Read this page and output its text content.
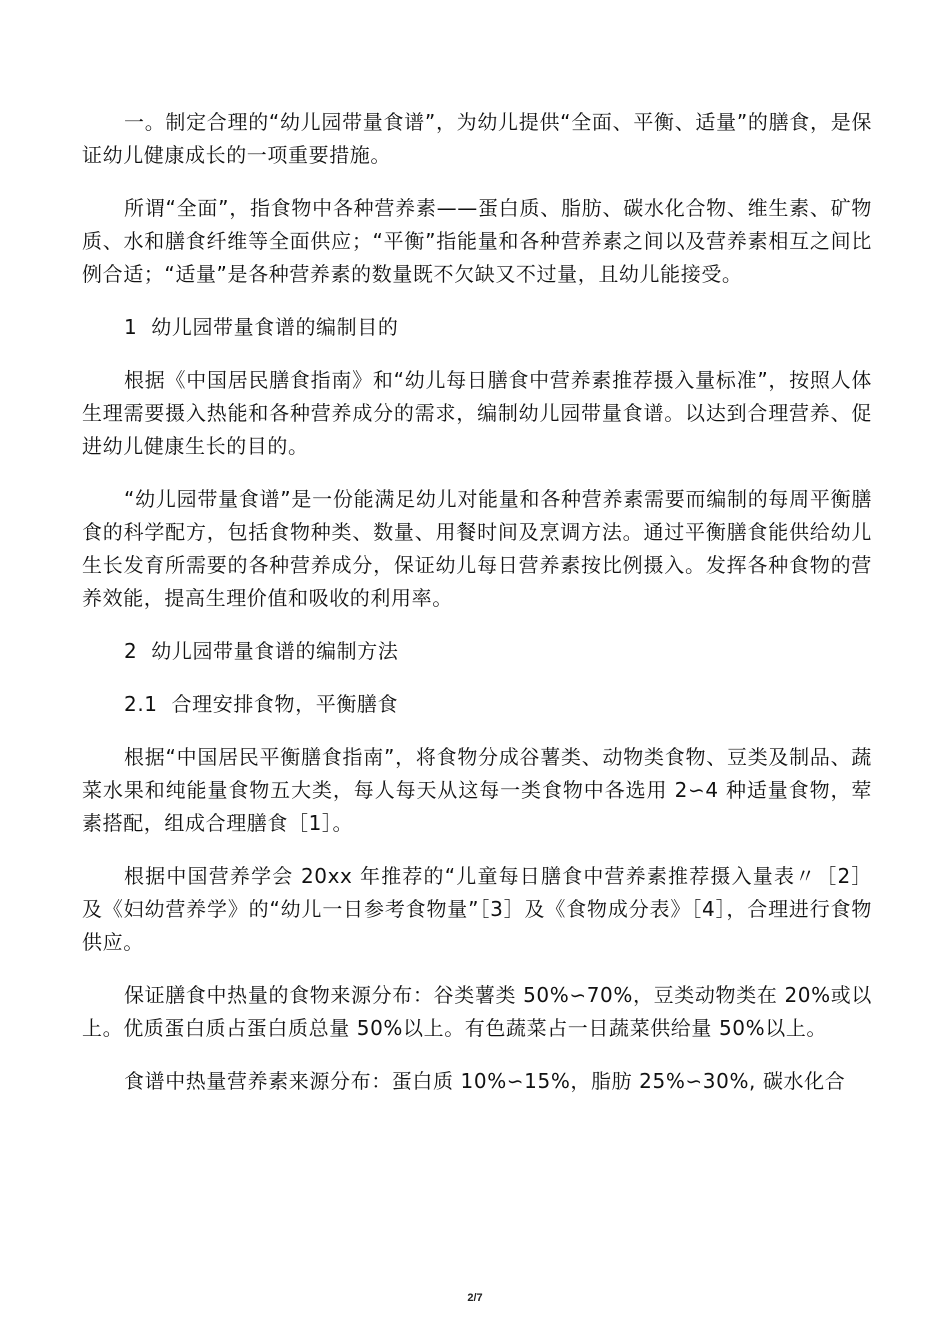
一。制定合理的“幼儿园带量食谱”，为幼儿提供“全面、平衡、适量”的膳食，是保证幼儿健康成长的一项重要措施。

所谓“全面”，指食物中各种营养素——蛋白质、脂肪、碳水化合物、维生素、矿物质、水和膳食纤维等全面供应；“平衡”指能量和各种营养素之间以及营养素相互之间比例合适；“适量”是各种营养素的数量既不欠缺又不过量，且幼儿能接受。

1  幼儿园带量食谱的编制目的

根据《中国居民膳食指南》和“幼儿每日膳食中营养素推荐摄入量标准”，按照人体生理需要摄入热能和各种营养成分的需求，编制幼儿园带量食谱。以达到合理营养、促进幼儿健康生长的目的。

“幼儿园带量食谱”是一份能满足幼儿对能量和各种营养素需要而编制的每周平衡膳食的科学配方，包括食物种类、数量、用餐时间及烹调方法。通过平衡膳食能供给幼儿生长发育所需要的各种营养成分，保证幼儿每日营养素按比例摄入。发挥各种食物的营养效能，提高生理价值和吸收的利用率。

2  幼儿园带量食谱的编制方法

2.1  合理安排食物，平衡膳食

根据“中国居民平衡膳食指南”，将食物分成谷薯类、动物类食物、豆类及制品、蔬菜水果和纯能量食物五大类，每人每天从这每一类食物中各选用 2∽4 种适量食物，荤素搭配，组成合理膳食［1］。

根据中国营养学会 20xx 年推荐的“儿童每日膳食中营养素推荐摄入量表〃［2］及《妇幼营养学》的“幼儿一日参考食物量”［3］及《食物成分表》［4］，合理进行食物供应。

保证膳食中热量的食物来源分布：谷类薯类 50%∽70%，豆类动物类在 20%或以上。优质蛋白质占蛋白质总量 50%以上。有色蔬菜占一日蔬菜供给量 50%以上。

食谱中热量营养素来源分布：蛋白质 10%∽15%，脂肪 25%∽30%, 碳水化合

2/7
